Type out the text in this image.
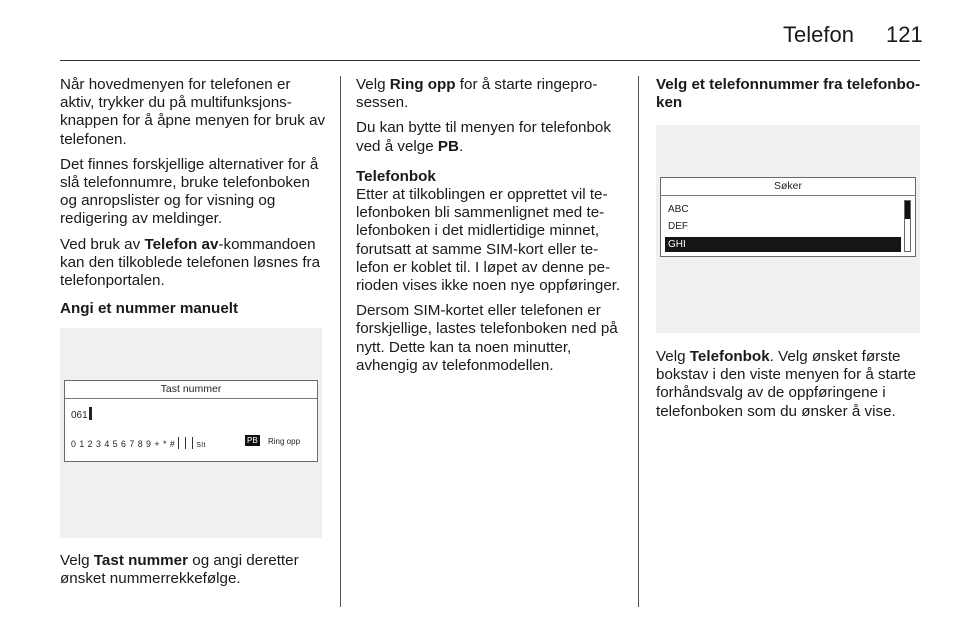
Telefon 121

Når hovedmenyen for telefonen er aktiv, trykker du på multifunksjonsknappen for å åpne menyen for bruk av telefonen.

Det finnes forskjellige alternativer for å slå telefonnumre, bruke telefonboken og anropslister og for visning og redigering av meldinger.

Ved bruk av Telefon av-kommandoen kan den tilkoblede telefonen løsnes fra telefonportalen.

Angi et nummer manuelt

Tast nummer
061
0 1 2 3 4 5 6 7 8 9 + * #	Slt
PB Ring opp

Velg Tast nummer og angi deretter ønsket nummerrekkefølge.

Velg Ring opp for å starte ringeprosessen.

Du kan bytte til menyen for telefonbok ved å velge PB.

Telefonbok

Etter at tilkoblingen er opprettet vil telefonboken bli sammenlignet med telefonboken i det midlertidige minnet, forutsatt at samme SIM-kort eller telefon er koblet til. I løpet av denne perioden vises ikke noen nye oppføringer.

Dersom SIM-kortet eller telefonen er forskjellige, lastes telefonboken ned på nytt. Dette kan ta noen minutter, avhengig av telefonmodellen.

Velg et telefonnummer fra telefonboken

Søker
ABC
DEF
GHI

Velg Telefonbok. Velg ønsket første bokstav i den viste menyen for å starte forhåndsvalg av de oppføringene i telefonboken som du ønsker å vise.
